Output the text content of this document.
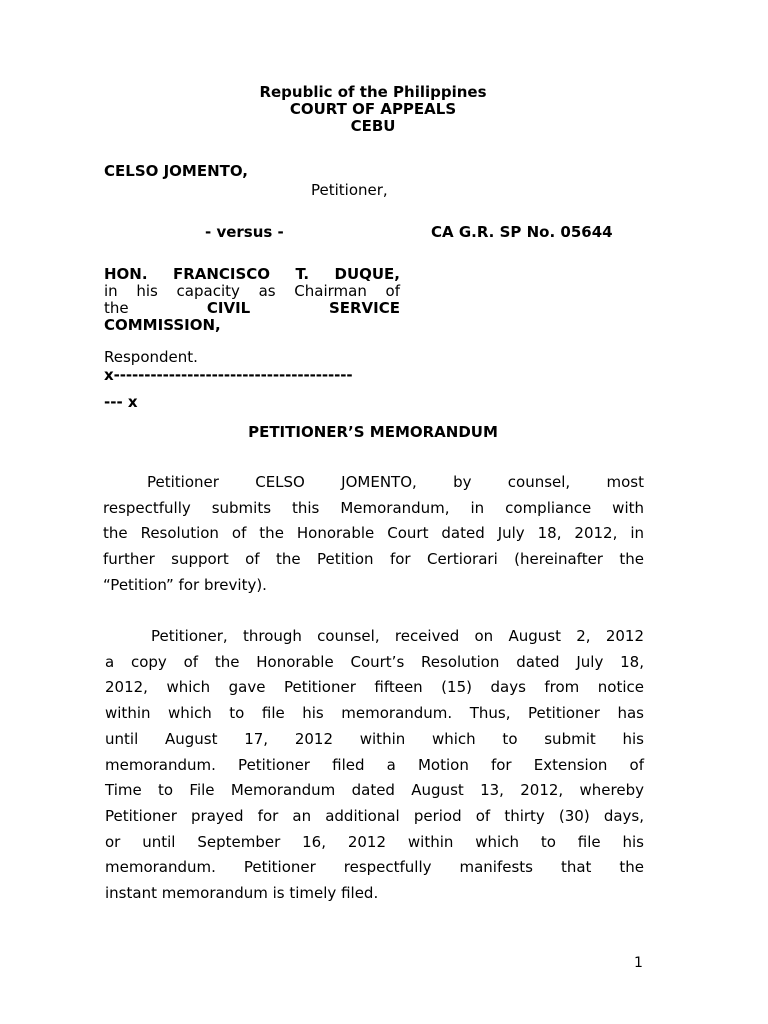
Republic of the Philippines
COURT OF APPEALS
CEBU
CELSO JOMENTO,
Petitioner,
- versus -	CA G.R. SP No. 05644
HON. FRANCISCO T. DUQUE,
in his capacity as Chairman of
the	CIVIL SERVICE
COMMISSION,
Respondent.
x---------------------------------------
--- x
PETITIONER’S MEMORANDUM
Petitioner CELSO JOMENTO, by counsel, most
respectfully submits this Memorandum, in compliance with
the Resolution of the Honorable Court dated July 18, 2012, in
further support of the Petition for Certiorari (hereinafter the
“Petition” for brevity).
Petitioner, through counsel, received on August 2, 2012
a copy of the Honorable Court’s Resolution dated July 18,
2012, which gave Petitioner fifteen (15) days from notice
within which to file his memorandum. Thus, Petitioner has
until August 17, 2012 within which to submit his
memorandum. Petitioner filed a Motion for Extension of
Time to File Memorandum dated August 13, 2012, whereby
Petitioner prayed for an additional period of thirty (30) days,
or until September 16, 2012 within which to file his
memorandum. Petitioner respectfully manifests that the
instant memorandum is timely filed.
1
